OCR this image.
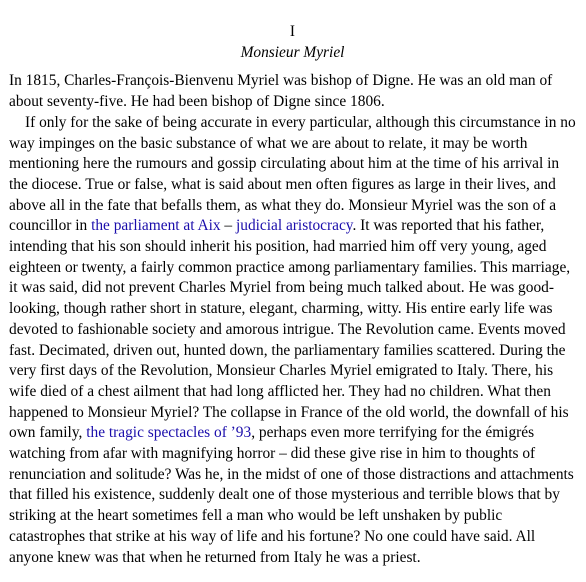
I
Monsieur Myriel

In 1815, Charles-François-Bienvenu Myriel was bishop of Digne. He was an old man of about seventy-five. He had been bishop of Digne since 1806.

If only for the sake of being accurate in every particular, although this circumstance in no way impinges on the basic substance of what we are about to relate, it may be worth mentioning here the rumours and gossip circulating about him at the time of his arrival in the diocese. True or false, what is said about men often figures as large in their lives, and above all in the fate that befalls them, as what they do. Monsieur Myriel was the son of a councillor in the parliament at Aix – judicial aristocracy. It was reported that his father, intending that his son should inherit his position, had married him off very young, aged eighteen or twenty, a fairly common practice among parliamentary families. This marriage, it was said, did not prevent Charles Myriel from being much talked about. He was good-looking, though rather short in stature, elegant, charming, witty. His entire early life was devoted to fashionable society and amorous intrigue. The Revolution came. Events moved fast. Decimated, driven out, hunted down, the parliamentary families scattered. During the very first days of the Revolution, Monsieur Charles Myriel emigrated to Italy. There, his wife died of a chest ailment that had long afflicted her. They had no children. What then happened to Monsieur Myriel? The collapse in France of the old world, the downfall of his own family, the tragic spectacles of ’93, perhaps even more terrifying for the émigrés watching from afar with magnifying horror – did these give rise in him to thoughts of renunciation and solitude? Was he, in the midst of one of those distractions and attachments that filled his existence, suddenly dealt one of those mysterious and terrible blows that by striking at the heart sometimes fell a man who would be left unshaken by public catastrophes that strike at his way of life and his fortune? No one could have said. All anyone knew was that when he returned from Italy he was a priest.
